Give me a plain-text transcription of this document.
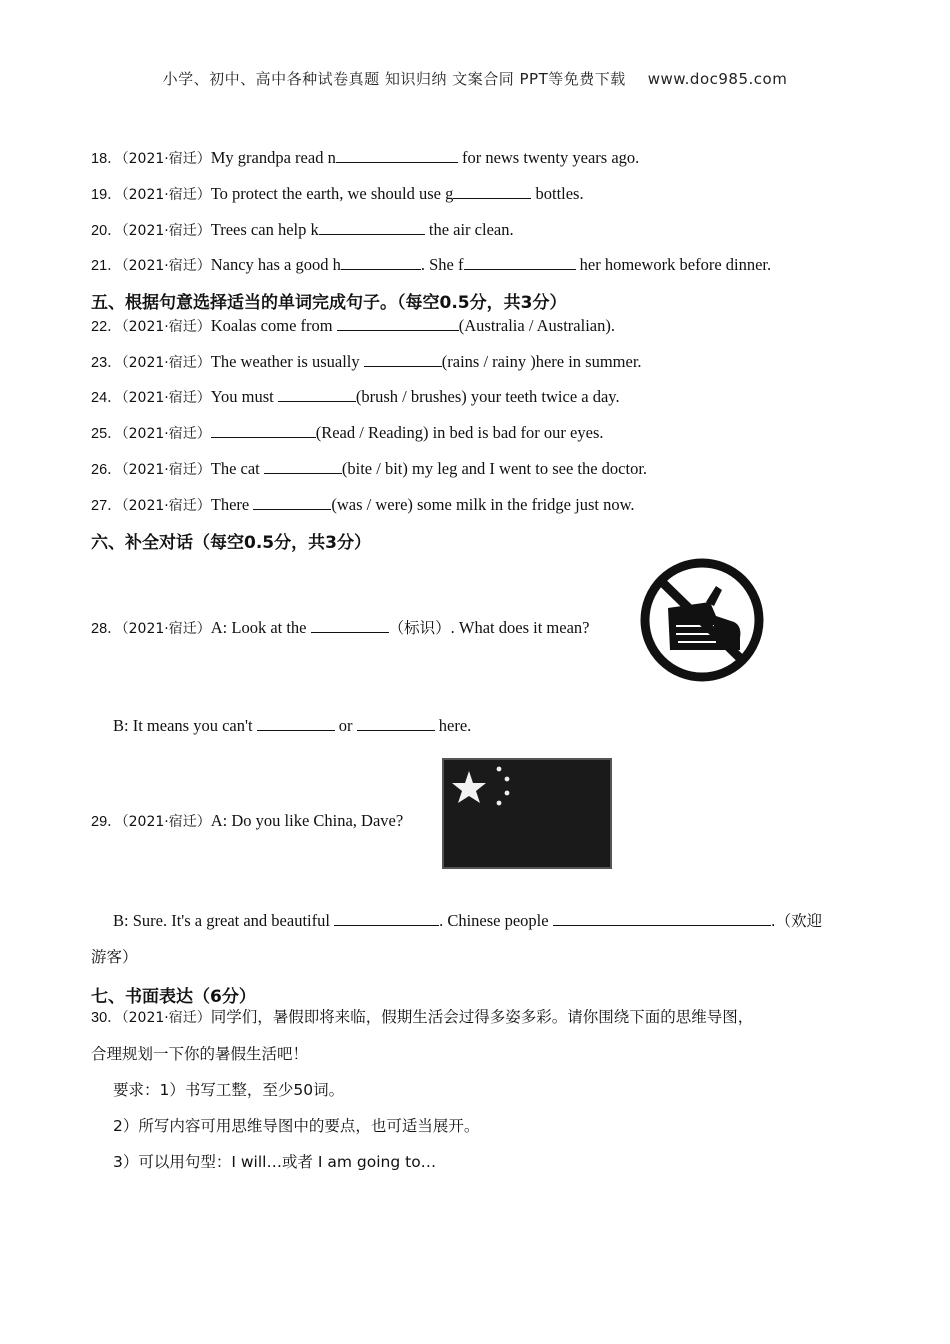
小学、初中、高中各种试卷真题 知识归纳 文案合同 PPT等免费下载 www.doc985.com
18．（2021·宿迁）My grandpa read n	for news twenty years ago.
19．（2021·宿迁）To protect the earth, we should use g	bottles.
20．（2021·宿迁）Trees can help k	the air clean.
21．（2021·宿迁）Nancy has a good h	. She f	her homework before dinner.
五、根据句意选择适当的单词完成句子。（每空0.5分，共3分）
22．（2021·宿迁）Koalas come from	(Australia / Australian).
23．（2021·宿迁）The weather is usually	(rains / rainy )here in summer.
24．（2021·宿迁）You must	(brush / brushes) your teeth twice a day.
25．（2021·宿迁）	(Read / Reading) in bed is bad for our eyes.
26．（2021·宿迁）The cat	(bite / bit) my leg and I went to see the doctor.
27．（2021·宿迁）There	(was / were) some milk in the fridge just now.
六、补全对话（每空0.5分，共3分）
28．（2021·宿迁）A: Look at the	（标识）. What does it mean?
B: It means you can't	or	here.
29．（2021·宿迁）A: Do you like China, Dave?
B: Sure. It's a great and beautiful	. Chinese people	.（欢迎
游客）
七、书面表达（6分）
30．（2021·宿迁）同学们，暑假即将来临，假期生活会过得多姿多彩。请你围绕下面的思维导图，
合理规划一下你的暑假生活吧！
要求：1）书写工整，至少50词。
2）所写内容可用思维导图中的要点，也可适当展开。
3）可以用句型：I will…或者 I am going to…
